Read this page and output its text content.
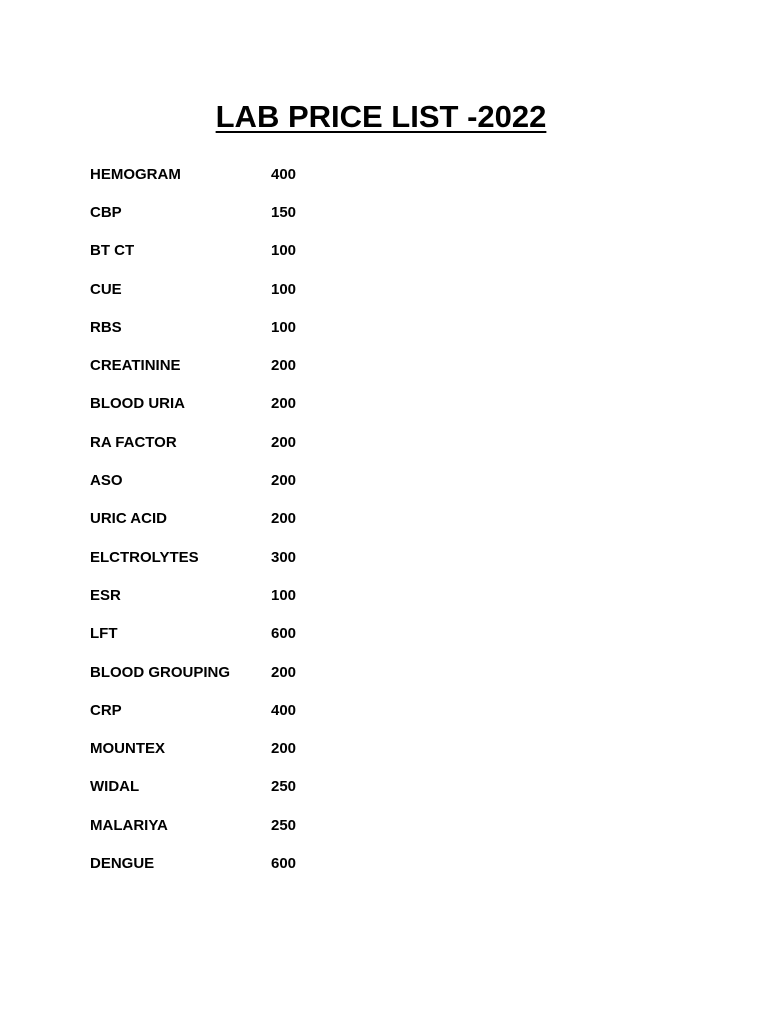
LAB PRICE LIST -2022
HEMOGRAM	400
CBP	150
BT CT	100
CUE	100
RBS	100
CREATININE	200
BLOOD URIA	200
RA FACTOR	200
ASO	200
URIC ACID	200
ELCTROLYTES	300
ESR	100
LFT	600
BLOOD GROUPING	200
CRP	400
MOUNTEX	200
WIDAL	250
MALARIYA	250
DENGUE	600
